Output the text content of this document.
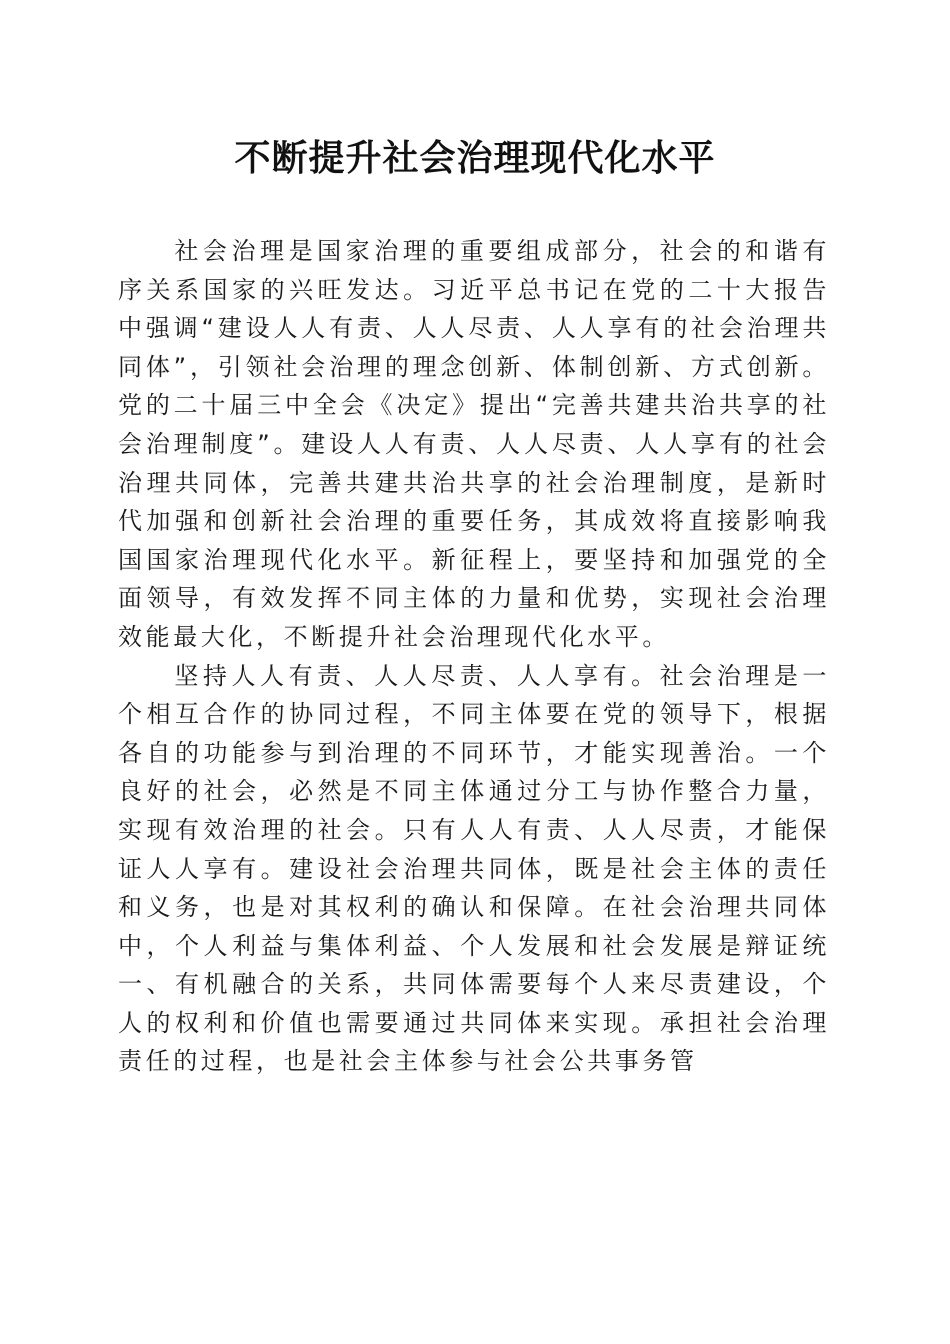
不断提升社会治理现代化水平

社会治理是国家治理的重要组成部分，社会的和谐有序关系国家的兴旺发达。习近平总书记在党的二十大报告中强调“建设人人有责、人人尽责、人人享有的社会治理共同体”，引领社会治理的理念创新、体制创新、方式创新。党的二十届三中全会《决定》提出“完善共建共治共享的社会治理制度”。建设人人有责、人人尽责、人人享有的社会治理共同体，完善共建共治共享的社会治理制度，是新时代加强和创新社会治理的重要任务，其成效将直接影响我国国家治理现代化水平。新征程上，要坚持和加强党的全面领导，有效发挥不同主体的力量和优势，实现社会治理效能最大化，不断提升社会治理现代化水平。

坚持人人有责、人人尽责、人人享有。社会治理是一个相互合作的协同过程，不同主体要在党的领导下，根据各自的功能参与到治理的不同环节，才能实现善治。一个良好的社会，必然是不同主体通过分工与协作整合力量，实现有效治理的社会。只有人人有责、人人尽责，才能保证人人享有。建设社会治理共同体，既是社会主体的责任和义务，也是对其权利的确认和保障。在社会治理共同体中，个人利益与集体利益、个人发展和社会发展是辩证统一、有机融合的关系，共同体需要每个人来尽责建设，个人的权利和价值也需要通过共同体来实现。承担社会治理责任的过程，也是社会主体参与社会公共事务管
